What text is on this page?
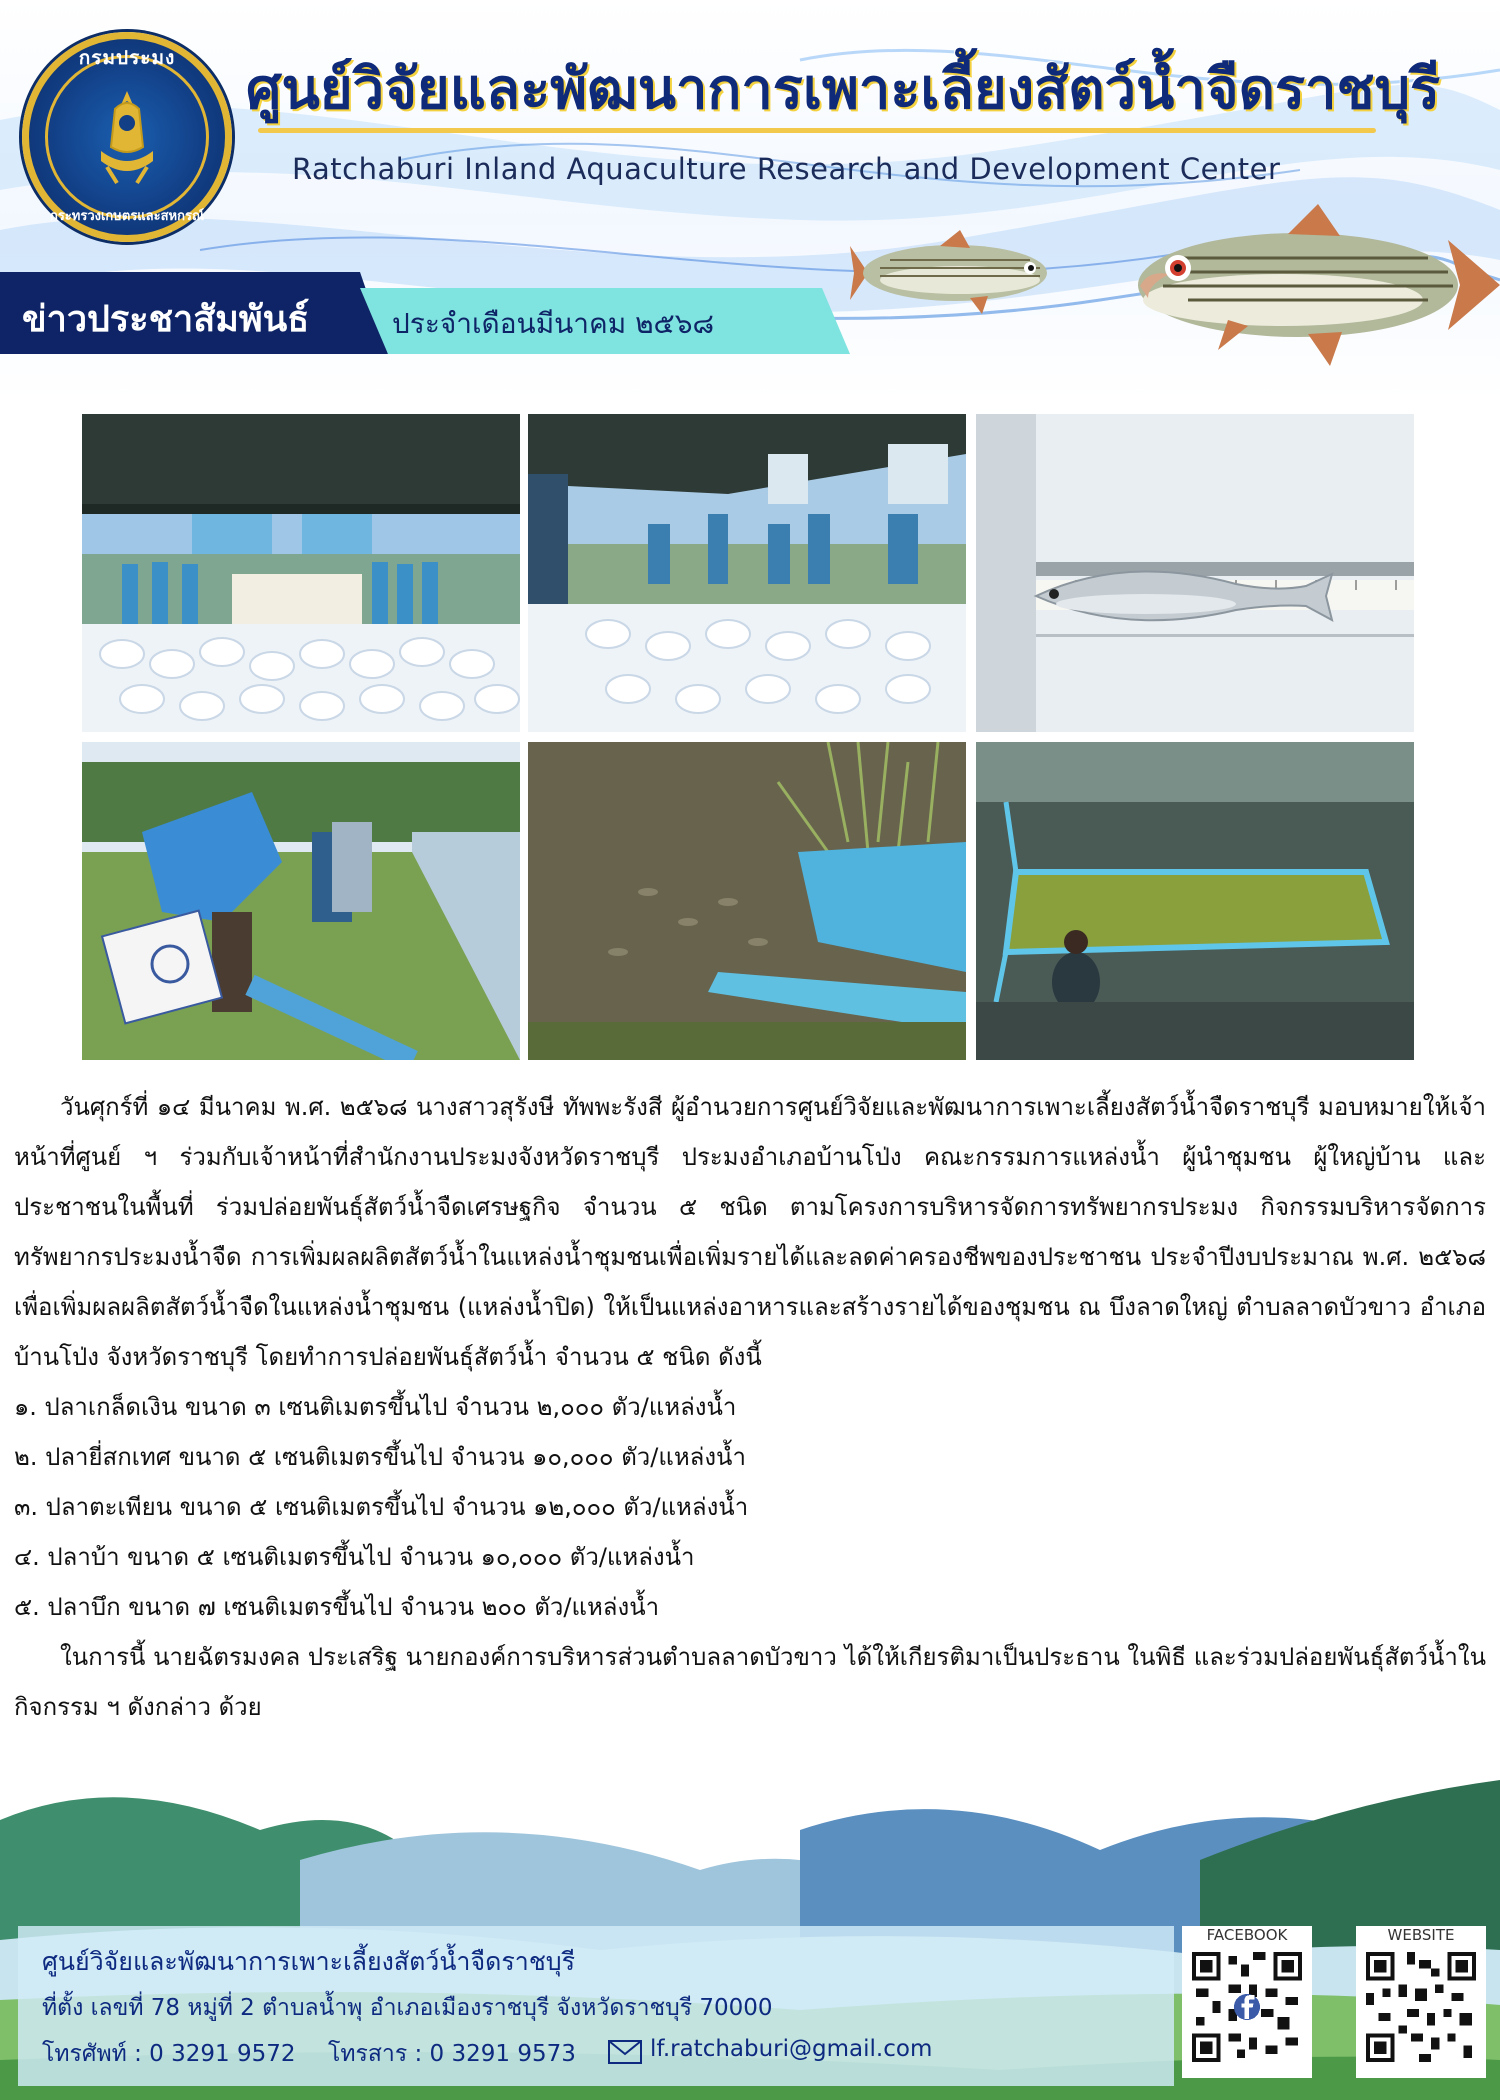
กรมประมง
กระทรวงเกษตรและสหกรณ์
ศูนย์วิจัยและพัฒนาการเพาะเลี้ยงสัตว์น้ำจืดราชบุรี
Ratchaburi Inland Aquaculture Research and Development Center
ข่าวประชาสัมพันธ์	ประจำเดือนมีนาคม ๒๕๖๘

วันศุกร์ที่ ๑๔ มีนาคม พ.ศ. ๒๕๖๘ นางสาวสุรังษี ทัพพะรังสี ผู้อำนวยการศูนย์วิจัยและพัฒนาการเพาะเลี้ยงสัตว์น้ำจืดราชบุรี มอบหมายให้เจ้าหน้าที่ศูนย์ ฯ ร่วมกับเจ้าหน้าที่สำนักงานประมงจังหวัดราชบุรี ประมงอำเภอบ้านโป่ง คณะกรรมการแหล่งน้ำ ผู้นำชุมชน ผู้ใหญ่บ้าน และประชาชนในพื้นที่ ร่วมปล่อยพันธุ์สัตว์น้ำจืดเศรษฐกิจ จำนวน ๕ ชนิด ตามโครงการบริหารจัดการทรัพยากรประมง กิจกรรมบริหารจัดการทรัพยากรประมงน้ำจืด การเพิ่มผลผลิตสัตว์น้ำในแหล่งน้ำชุมชนเพื่อเพิ่มรายได้และลดค่าครองชีพของประชาชน ประจำปีงบประมาณ พ.ศ. ๒๕๖๘ เพื่อเพิ่มผลผลิตสัตว์น้ำจืดในแหล่งน้ำชุมชน (แหล่งน้ำปิด) ให้เป็นแหล่งอาหารและสร้างรายได้ของชุมชน ณ บึงลาดใหญ่ ตำบลลาดบัวขาว อำเภอบ้านโป่ง จังหวัดราชบุรี โดยทำการปล่อยพันธุ์สัตว์น้ำ จำนวน ๕ ชนิด ดังนี้

๑. ปลาเกล็ดเงิน ขนาด ๓ เซนติเมตรขึ้นไป จำนวน ๒,๐๐๐ ตัว/แหล่งน้ำ
๒. ปลายี่สกเทศ ขนาด ๕ เซนติเมตรขึ้นไป จำนวน ๑๐,๐๐๐ ตัว/แหล่งน้ำ
๓. ปลาตะเพียน ขนาด ๕ เซนติเมตรขึ้นไป จำนวน ๑๒,๐๐๐ ตัว/แหล่งน้ำ
๔. ปลาบ้า ขนาด ๕ เซนติเมตรขึ้นไป จำนวน ๑๐,๐๐๐ ตัว/แหล่งน้ำ
๕. ปลาบึก ขนาด ๗ เซนติเมตรขึ้นไป จำนวน ๒๐๐ ตัว/แหล่งน้ำ

ในการนี้ นายฉัตรมงคล ประเสริฐ นายกองค์การบริหารส่วนตำบลลาดบัวขาว ได้ให้เกียรติมาเป็นประธาน ในพิธี และร่วมปล่อยพันธุ์สัตว์น้ำในกิจกรรม ฯ ดังกล่าว ด้วย

ศูนย์วิจัยและพัฒนาการเพาะเลี้ยงสัตว์น้ำจืดราชบุรี
ที่ตั้ง เลขที่ 78 หมู่ที่ 2 ตำบลน้ำพุ อำเภอเมืองราชบุรี จังหวัดราชบุรี 70000
โทรศัพท์ : 0 3291 9572 โทรสาร : 0 3291 9573	lf.ratchaburi@gmail.com
FACEBOOK	WEBSITE
